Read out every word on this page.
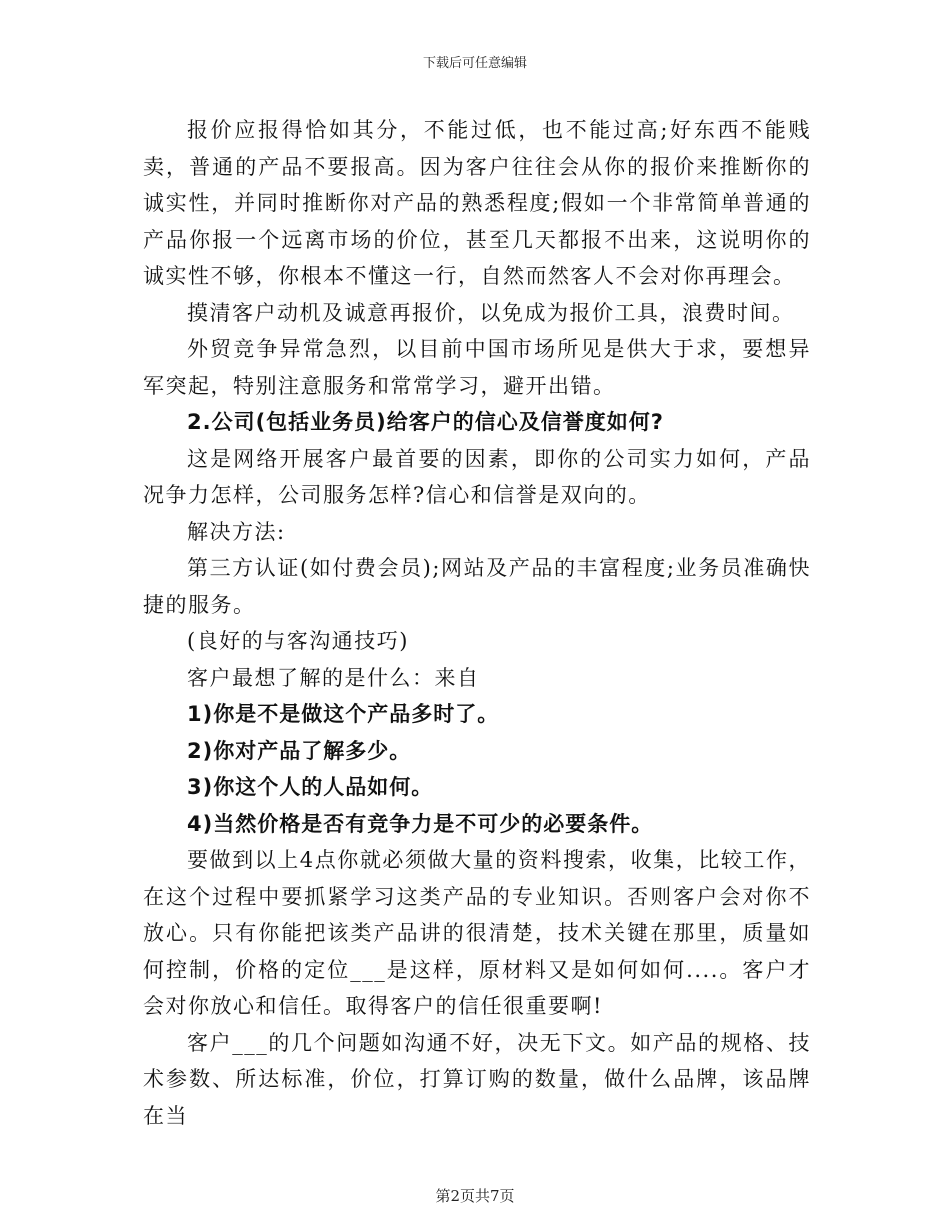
下载后可任意编辑

报价应报得恰如其分，不能过低，也不能过高;好东西不能贱卖，普通的产品不要报高。因为客户往往会从你的报价来推断你的诚实性，并同时推断你对产品的熟悉程度;假如一个非常简单普通的产品你报一个远离市场的价位，甚至几天都报不出来，这说明你的诚实性不够，你根本不懂这一行，自然而然客人不会对你再理会。

摸清客户动机及诚意再报价，以免成为报价工具，浪费时间。

外贸竞争异常急烈，以目前中国市场所见是供大于求，要想异军突起，特别注意服务和常常学习，避开出错。

2.公司(包括业务员)给客户的信心及信誉度如何?

这是网络开展客户最首要的因素，即你的公司实力如何，产品况争力怎样，公司服务怎样?信心和信誉是双向的。

解决方法:

第三方认证(如付费会员);网站及产品的丰富程度;业务员准确快捷的服务。

(良好的与客沟通技巧)

客户最想了解的是什么：来自

1)你是不是做这个产品多时了。

2)你对产品了解多少。

3)你这个人的人品如何。

4)当然价格是否有竞争力是不可少的必要条件。

要做到以上4点你就必须做大量的资料搜索，收集，比较工作，在这个过程中要抓紧学习这类产品的专业知识。否则客户会对你不放心。只有你能把该类产品讲的很清楚，技术关键在那里，质量如何控制，价格的定位___是这样，原材料又是如何如何....。客户才会对你放心和信任。取得客户的信任很重要啊!

客户___的几个问题如沟通不好，决无下文。如产品的规格、技术参数、所达标准，价位，打算订购的数量，做什么品牌，该品牌在当

第2页共7页
